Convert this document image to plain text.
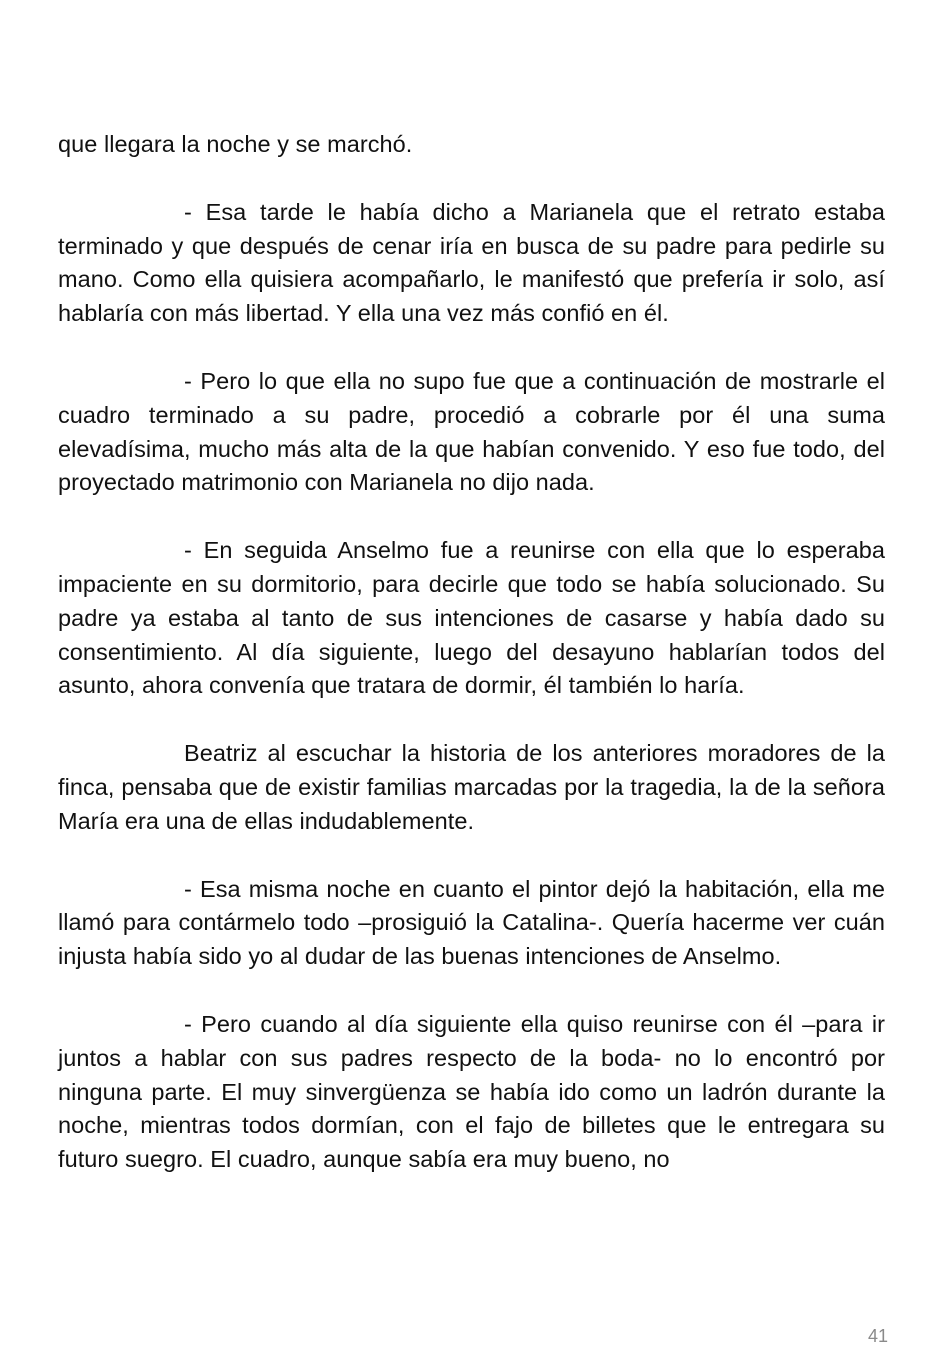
que llegara la noche y se marchó.

- Esa tarde le había dicho a Marianela que el retrato estaba terminado y que después de cenar iría en busca de su padre para pedirle su mano. Como ella quisiera acompañarlo, le manifestó que prefería ir solo, así hablaría con más libertad. Y ella una vez más confió en él.

- Pero lo que ella no supo fue que a continuación de mostrarle el cuadro terminado a su padre, procedió a cobrarle por él una suma elevadísima, mucho más alta de la que habían convenido. Y eso fue todo, del proyectado matrimonio con Marianela no dijo nada.

- En seguida Anselmo fue a reunirse con ella que lo esperaba impaciente en su dormitorio, para decirle que todo se había solucionado. Su padre ya estaba al tanto de sus intenciones de casarse y había dado su consentimiento. Al día siguiente, luego del desayuno hablarían todos del asunto, ahora convenía que tratara de dormir, él también lo haría.

Beatriz al escuchar la historia de los anteriores moradores de la finca, pensaba que de existir familias marcadas por la tragedia, la de la señora María era una de ellas indudablemente.

- Esa misma noche en cuanto el pintor dejó la habitación, ella me llamó para contármelo todo –prosiguió la Catalina-. Quería hacerme ver cuán injusta había sido yo al dudar de las buenas intenciones de Anselmo.

- Pero cuando al día siguiente ella quiso reunirse con él –para ir juntos a hablar con sus padres respecto de la boda- no lo encontró por ninguna parte. El muy sinvergüenza se había ido como un ladrón durante la noche, mientras todos dormían, con el fajo de billetes que le entregara su futuro suegro. El cuadro, aunque sabía era muy bueno, no

41
